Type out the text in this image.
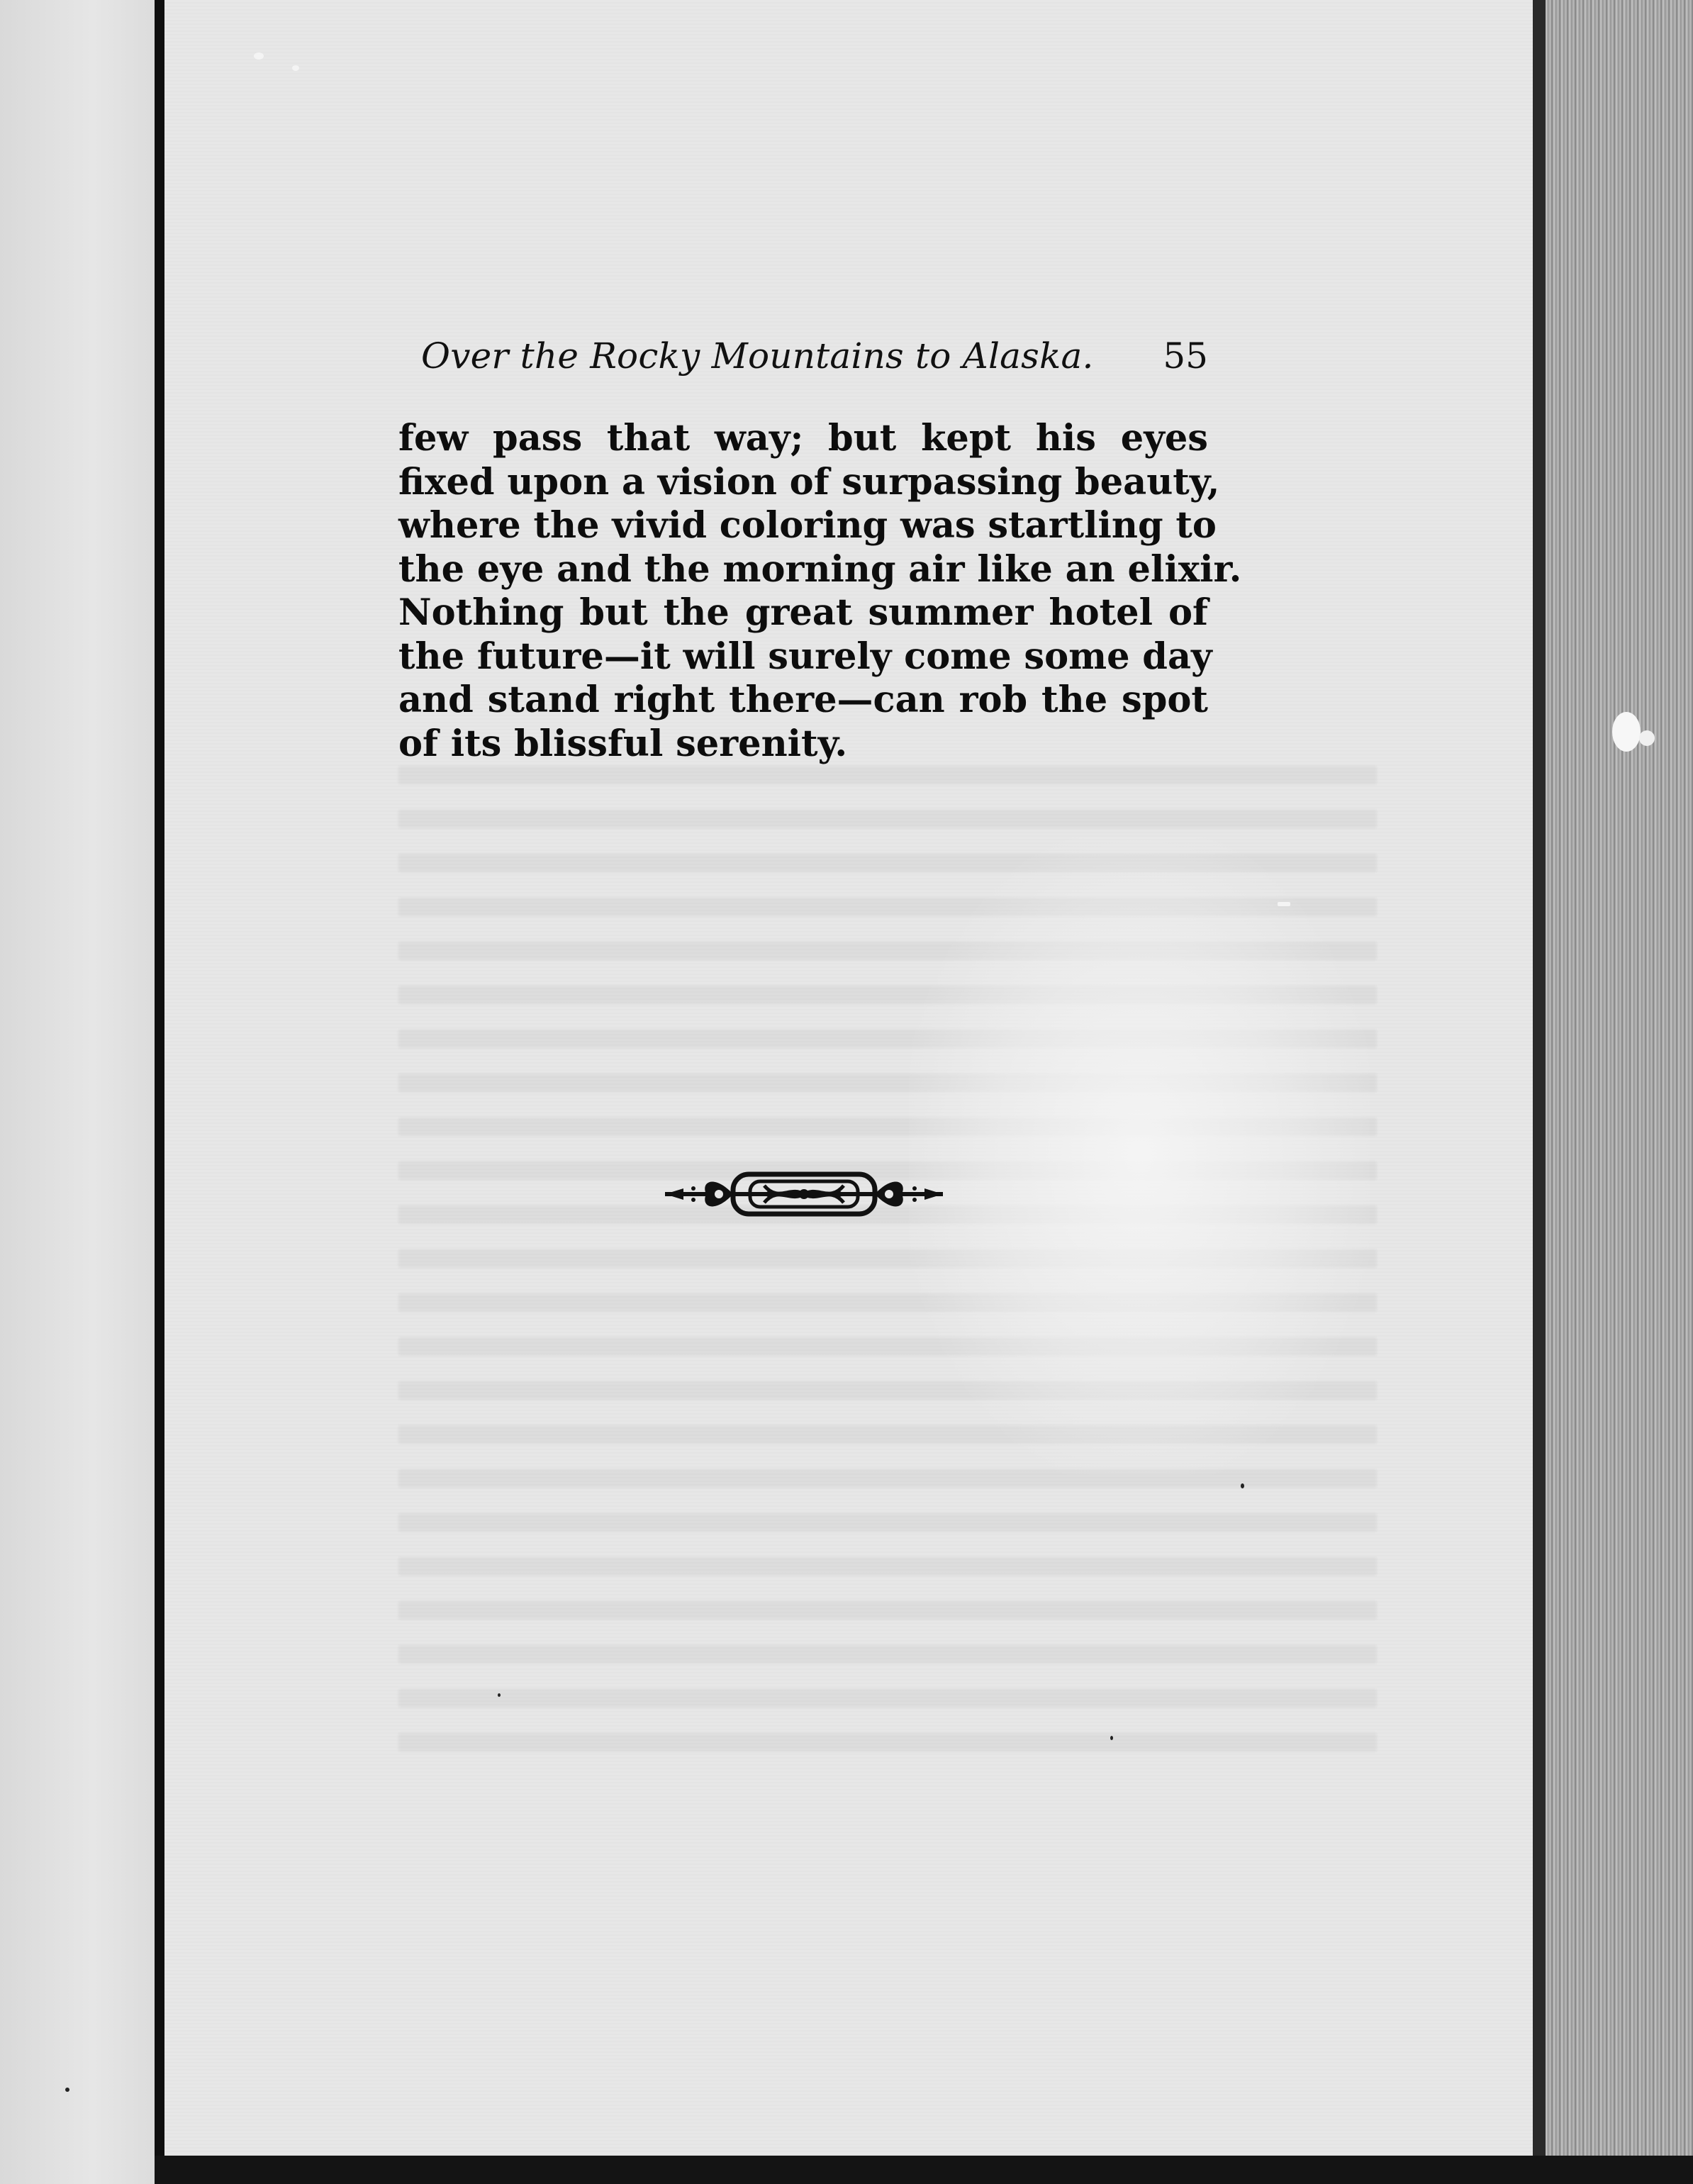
Over the Rocky Mountains to Alaska. 55
few pass that way; but kept his eyes
fixed upon a vision of surpassing beauty,
where the vivid coloring was startling to
the eye and the morning air like an elixir.
Nothing but the great summer hotel of
the future—it will surely come some day
and stand right there—can rob the spot
of its blissful serenity.
